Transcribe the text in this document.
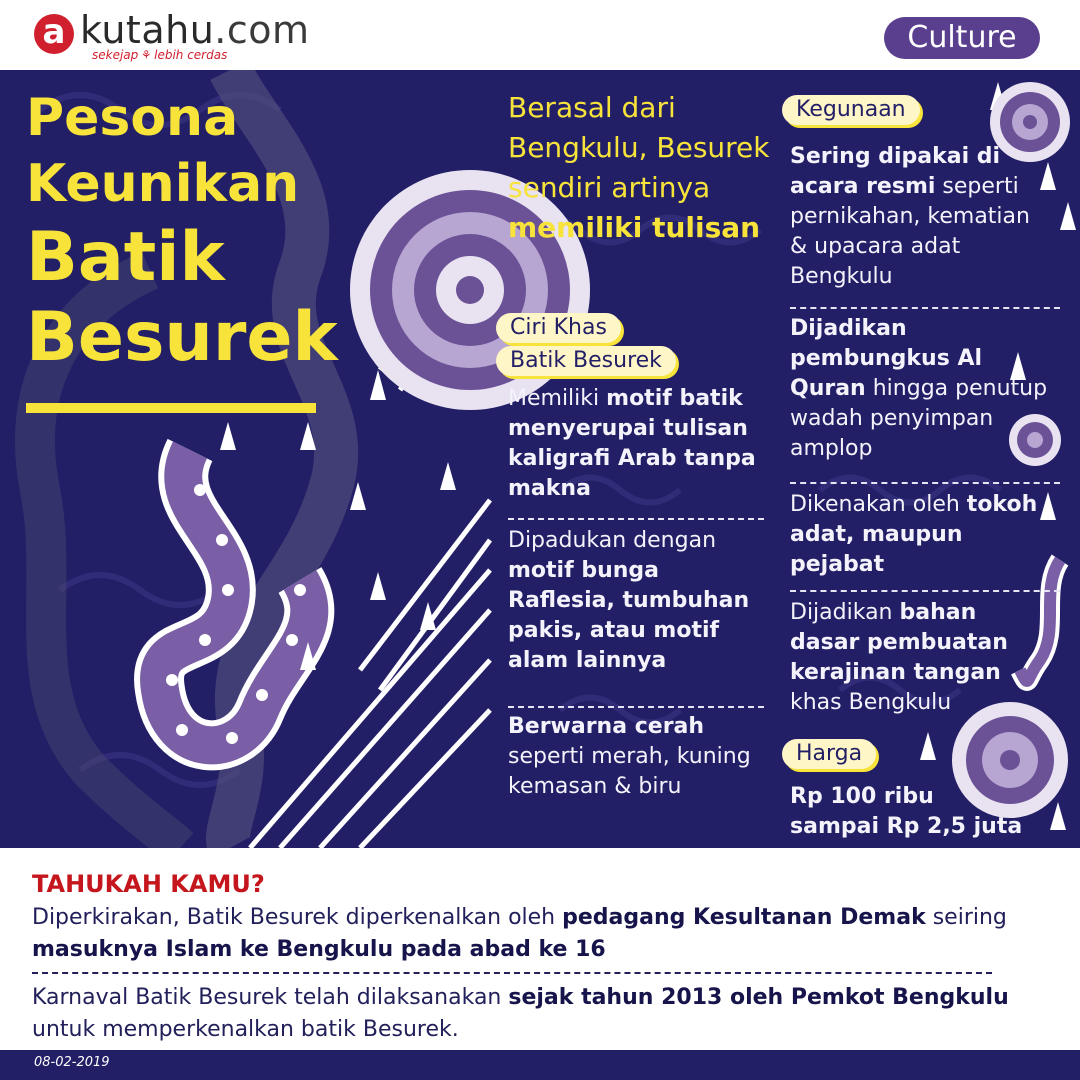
a kutahu.com
sekejap ⚘ lebih cerdas	Culture
Pesona
Keunikan
Batik
Besurek
Berasal dari Bengkulu, Besurek sendiri artinya memiliki tulisan
Ciri Khas
Batik Besurek
Memiliki motif batik menyerupai tulisan kaligrafi Arab tanpa makna
Dipadukan dengan
motif bunga
Raflesia, tumbuhan pakis, atau motif alam lainnya
Berwarna cerah seperti merah, kuning kemasan & biru
Kegunaan
Sering dipakai di acara resmi seperti pernikahan, kematian & upacara adat Bengkulu
Dijadikan pembungkus Al Quran hingga penutup wadah penyimpan amplop
Dikenakan oleh tokoh adat, maupun pejabat
Dijadikan bahan dasar pembuatan kerajinan tangan khas Bengkulu
Harga
Rp 100 ribu sampai Rp 2,5 juta
TAHUKAH KAMU?
Diperkirakan, Batik Besurek diperkenalkan oleh pedagang Kesultanan Demak seiring masuknya Islam ke Bengkulu pada abad ke 16
Karnaval Batik Besurek telah dilaksanakan sejak tahun 2013 oleh Pemkot Bengkulu untuk memperkenalkan batik Besurek.
08-02-2019
